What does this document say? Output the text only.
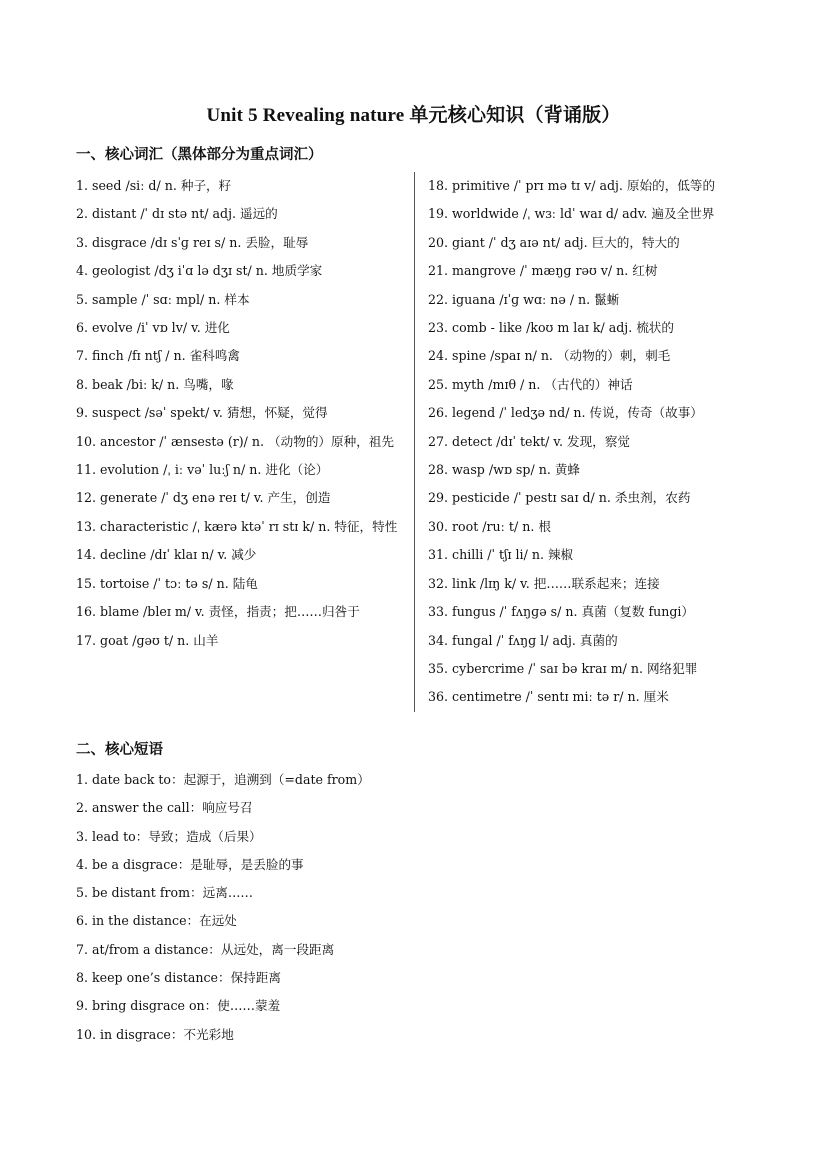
Unit 5 Revealing nature 单元核心知识（背诵版）
一、核心词汇（黑体部分为重点词汇）
1. seed /siː d/ n. 种子，籽
2. distant /ˈ dɪ stə nt/ adj. 遥远的
3. disgrace /dɪ sˈɡ reɪ s/ n. 丢脸，耻辱
4. geologist /dʒ iˈɑ lə dʒɪ st/ n. 地质学家
5. sample /ˈ sɑː mpl/ n. 样本
6. evolve /iˈ vɒ lv/ v. 进化
7. finch /fɪ ntʃ / n. 雀科鸣禽
8. beak /biː k/ n. 鸟嘴，喙
9. suspect /səˈ spekt/ v. 猜想，怀疑，觉得
10. ancestor /ˈ ænsestə (r)/ n. （动物的）原种，祖先
11. evolution /ˌ iː vəˈ luːʃ n/ n. 进化（论）
12. generate /ˈ dʒ enə reɪ t/ v. 产生，创造
13. characteristic /ˌ kærə ktəˈ rɪ stɪ k/ n. 特征，特性
14. decline /dɪˈ klaɪ n/ v. 减少
15. tortoise /ˈ tɔː tə s/ n. 陆龟
16. blame /bleɪ m/ v. 责怪，指责；把……归咎于
17. goat /ɡəʊ t/ n. 山羊
18. primitive /ˈ prɪ mə tɪ v/ adj. 原始的，低等的
19. worldwide /ˌ wɜː ldˈ waɪ d/ adv. 遍及全世界
20. giant /ˈ dʒ aɪə nt/ adj. 巨大的，特大的
21. mangrove /ˈ mæŋɡ rəʊ v/ n. 红树
22. iguana /ɪˈɡ wɑː nə / n. 鬣蜥
23. comb - like /koʊ m laɪ k/ adj. 梳状的
24. spine /spaɪ n/ n. （动物的）刺，刺毛
25. myth /mɪθ / n. （古代的）神话
26. legend /ˈ ledʒə nd/ n. 传说，传奇（故事）
27. detect /dɪˈ tekt/ v. 发现，察觉
28. wasp /wɒ sp/ n. 黄蜂
29. pesticide /ˈ pestɪ saɪ d/ n. 杀虫剂，农药
30. root /ruː t/ n. 根
31. chilli /ˈ tʃɪ li/ n. 辣椒
32. link /lɪŋ k/ v. 把……联系起来；连接
33. fungus /ˈ fʌŋɡə s/ n. 真菌（复数 fungi）
34. fungal /ˈ fʌŋɡ l/ adj. 真菌的
35. cybercrime /ˈ saɪ bə kraɪ m/ n. 网络犯罪
36. centimetre /ˈ sentɪ miː tə r/ n. 厘米
二、核心短语
1. date back to：起源于，追溯到（=date from）
2. answer the call：响应号召
3. lead to：导致；造成（后果）
4. be a disgrace：是耻辱，是丢脸的事
5. be distant from：远离……
6. in the distance：在远处
7. at/from a distance：从远处，离一段距离
8. keep one’s distance：保持距离
9. bring disgrace on：使……蒙羞
10. in disgrace：不光彩地
